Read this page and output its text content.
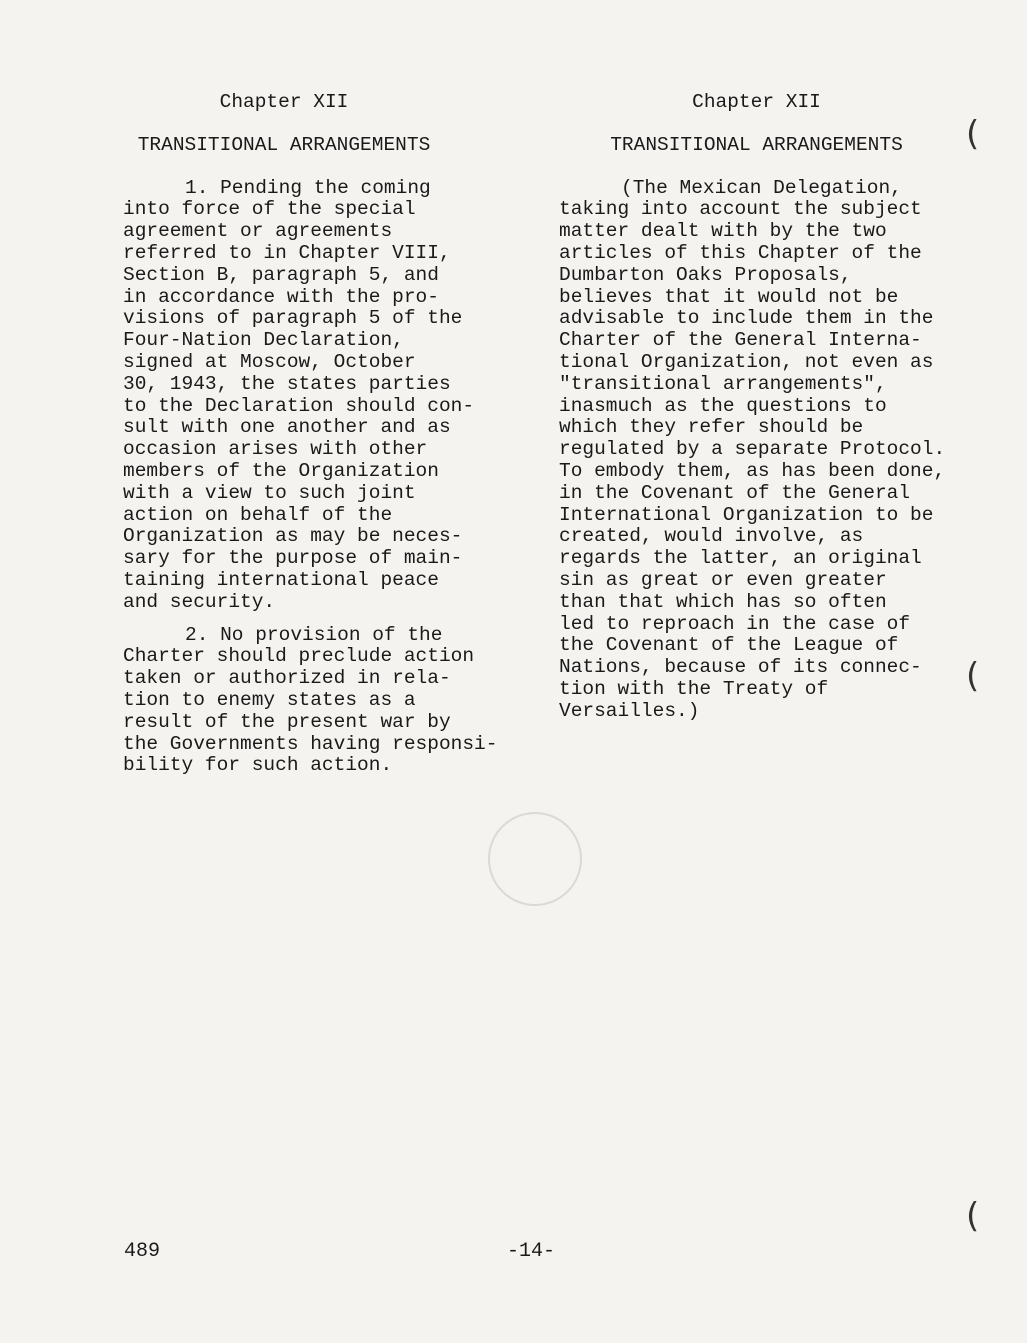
Chapter XII
TRANSITIONAL ARRANGEMENTS

1. Pending the coming
into force of the special
agreement or agreements
referred to in Chapter VIII,
Section B, paragraph 5, and
in accordance with the pro-
visions of paragraph 5 of the
Four-Nation Declaration,
signed at Moscow, October
30, 1943, the states parties
to the Declaration should con-
sult with one another and as
occasion arises with other
members of the Organization
with a view to such joint
action on behalf of the
Organization as may be neces-
sary for the purpose of main-
taining international peace
and security.

2. No provision of the
Charter should preclude action
taken or authorized in rela-
tion to enemy states as a
result of the present war by
the Governments having responsi-
bility for such action.

Chapter XII
TRANSITIONAL ARRANGEMENTS

(The Mexican Delegation,
taking into account the subject
matter dealt with by the two
articles of this Chapter of the
Dumbarton Oaks Proposals,
believes that it would not be
advisable to include them in the
Charter of the General Interna-
tional Organization, not even as
"transitional arrangements",
inasmuch as the questions to
which they refer should be
regulated by a separate Protocol.
To embody them, as has been done,
in the Covenant of the General
International Organization to be
created, would involve, as
regards the latter, an original
sin as great or even greater
than that which has so often
led to reproach in the case of
the Covenant of the League of
Nations, because of its connec-
tion with the Treaty of
Versailles.)

(
(
(
489	-14-
